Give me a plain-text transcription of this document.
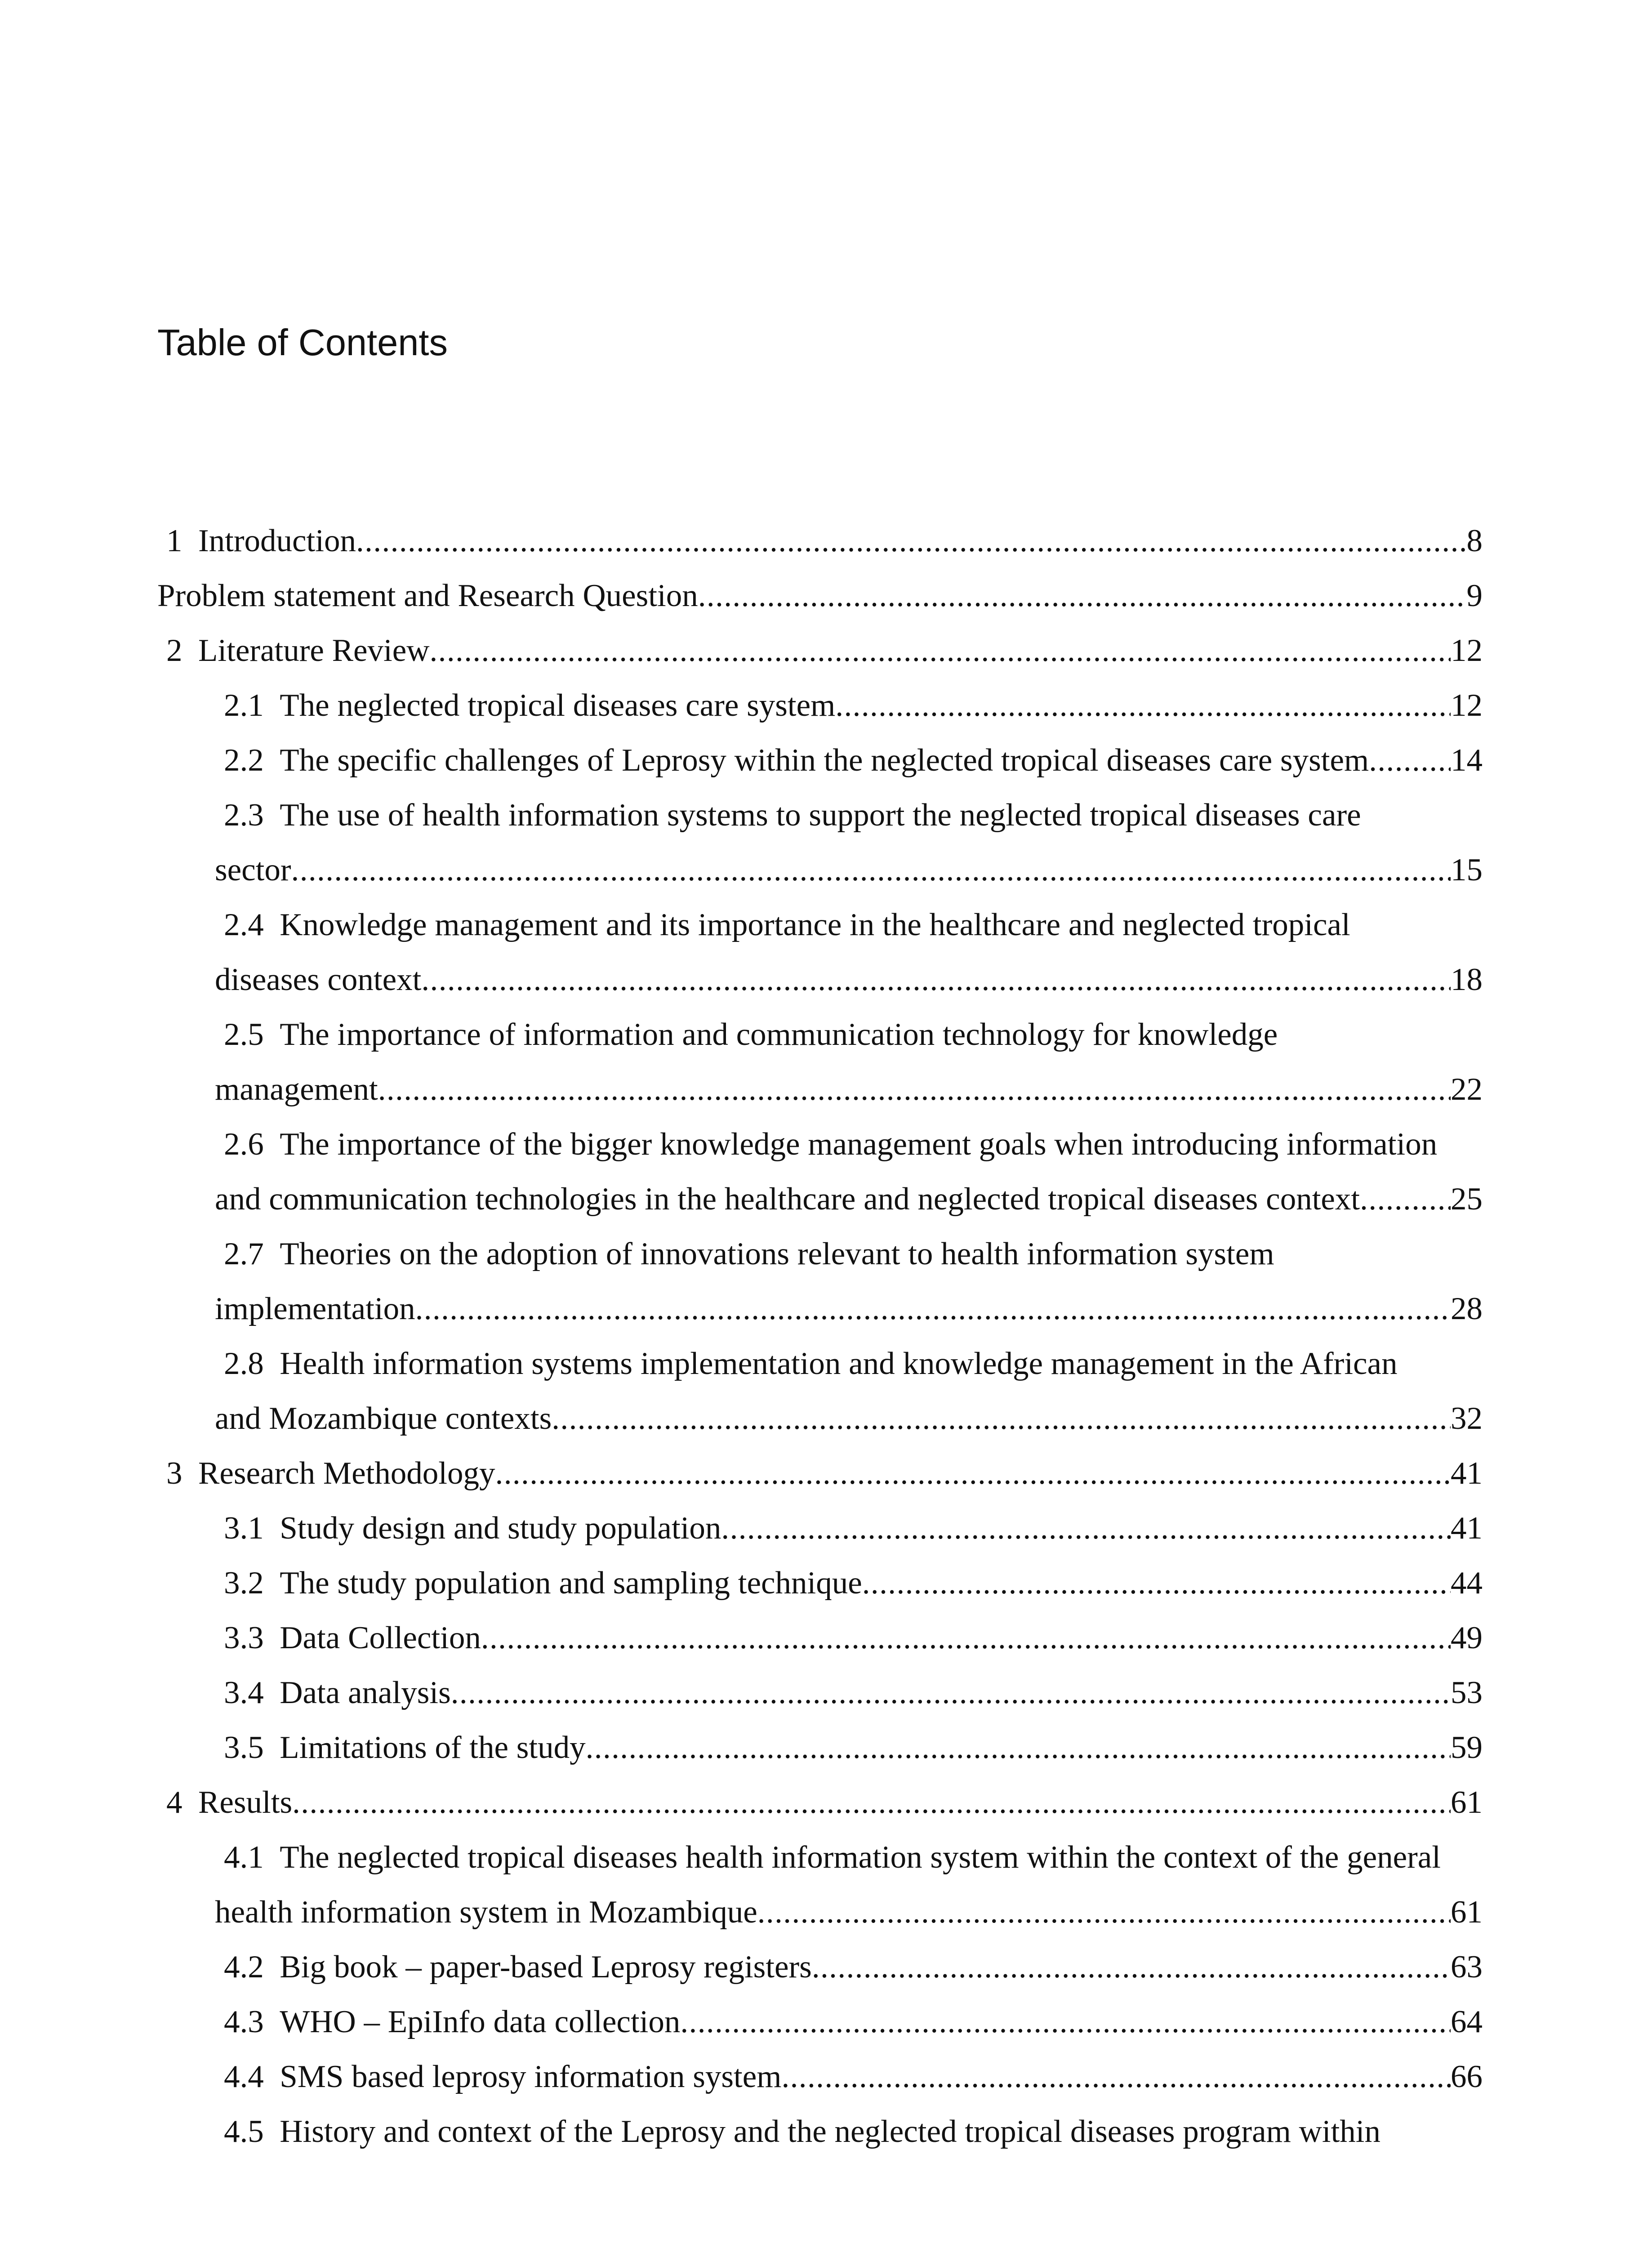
Table of Contents
1 Introduction .....	8
Problem statement and Research Question .....	9
2 Literature Review .....	12
2.1 The neglected tropical diseases care system .....	12
2.2 The specific challenges of Leprosy within the neglected tropical diseases care system .....	14
2.3 The use of health information systems to support the neglected tropical diseases care
sector .....	15
2.4 Knowledge management and its importance in the healthcare and neglected tropical
diseases context .....	18
2.5 The importance of information and communication technology for knowledge
management .....	22
2.6 The importance of the bigger knowledge management goals when introducing information
and communication technologies in the healthcare and neglected tropical diseases context .....	25
2.7 Theories on the adoption of innovations relevant to health information system
implementation .....	28
2.8 Health information systems implementation and knowledge management in the African
and Mozambique contexts .....	32
3 Research Methodology .....	41
3.1 Study design and study population .....	41
3.2 The study population and sampling technique .....	44
3.3 Data Collection .....	49
3.4 Data analysis .....	53
3.5 Limitations of the study .....	59
4 Results .....	61
4.1 The neglected tropical diseases health information system within the context of the general
health information system in Mozambique .....	61
4.2 Big book – paper-based Leprosy registers .....	63
4.3 WHO – EpiInfo data collection .....	64
4.4 SMS based leprosy information system .....	66
4.5 History and context of the Leprosy and the neglected tropical diseases program within
